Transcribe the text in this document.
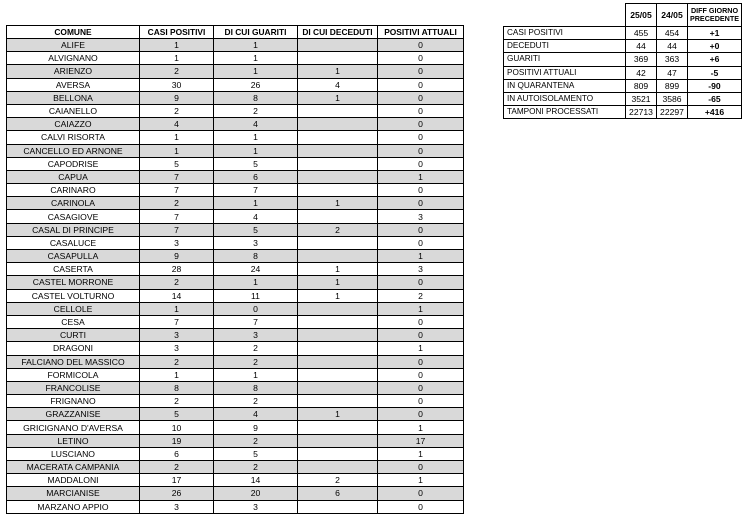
COMUNE	CASI POSITIVI	DI CUI GUARITI	DI CUI DECEDUTI	POSITIVI ATTUALI
ALIFE	1	1		0
ALVIGNANO	1	1		0
ARIENZO	2	1	1	0
AVERSA	30	26	4	0
BELLONA	9	8	1	0
CAIANELLO	2	2		0
CAIAZZO	4	4		0
CALVI RISORTA	1	1		0
CANCELLO ED ARNONE	1	1		0
CAPODRISE	5	5		0
CAPUA	7	6		1
CARINARO	7	7		0
CARINOLA	2	1	1	0
CASAGIOVE	7	4		3
CASAL DI PRINCIPE	7	5	2	0
CASALUCE	3	3		0
CASAPULLA	9	8		1
CASERTA	28	24	1	3
CASTEL MORRONE	2	1	1	0
CASTEL VOLTURNO	14	11	1	2
CELLOLE	1	0		1
CESA	7	7		0
CURTI	3	3		0
DRAGONI	3	2		1
FALCIANO DEL MASSICO	2	2		0
FORMICOLA	1	1		0
FRANCOLISE	8	8		0
FRIGNANO	2	2		0
GRAZZANISE	5	4	1	0
GRICIGNANO D'AVERSA	10	9		1
LETINO	19	2		17
LUSCIANO	6	5		1
MACERATA CAMPANIA	2	2		0
MADDALONI	17	14	2	1
MARCIANISE	26	20	6	0
MARZANO APPIO	3	3		0
	25/05	24/05	DIFF GIORNO PRECEDENTE
CASI POSITIVI	455	454	+1
DECEDUTI	44	44	+0
GUARITI	369	363	+6
POSITIVI ATTUALI	42	47	-5
IN QUARANTENA	809	899	-90
IN AUTOISOLAMENTO	3521	3586	-65
TAMPONI PROCESSATI	22713	22297	+416
